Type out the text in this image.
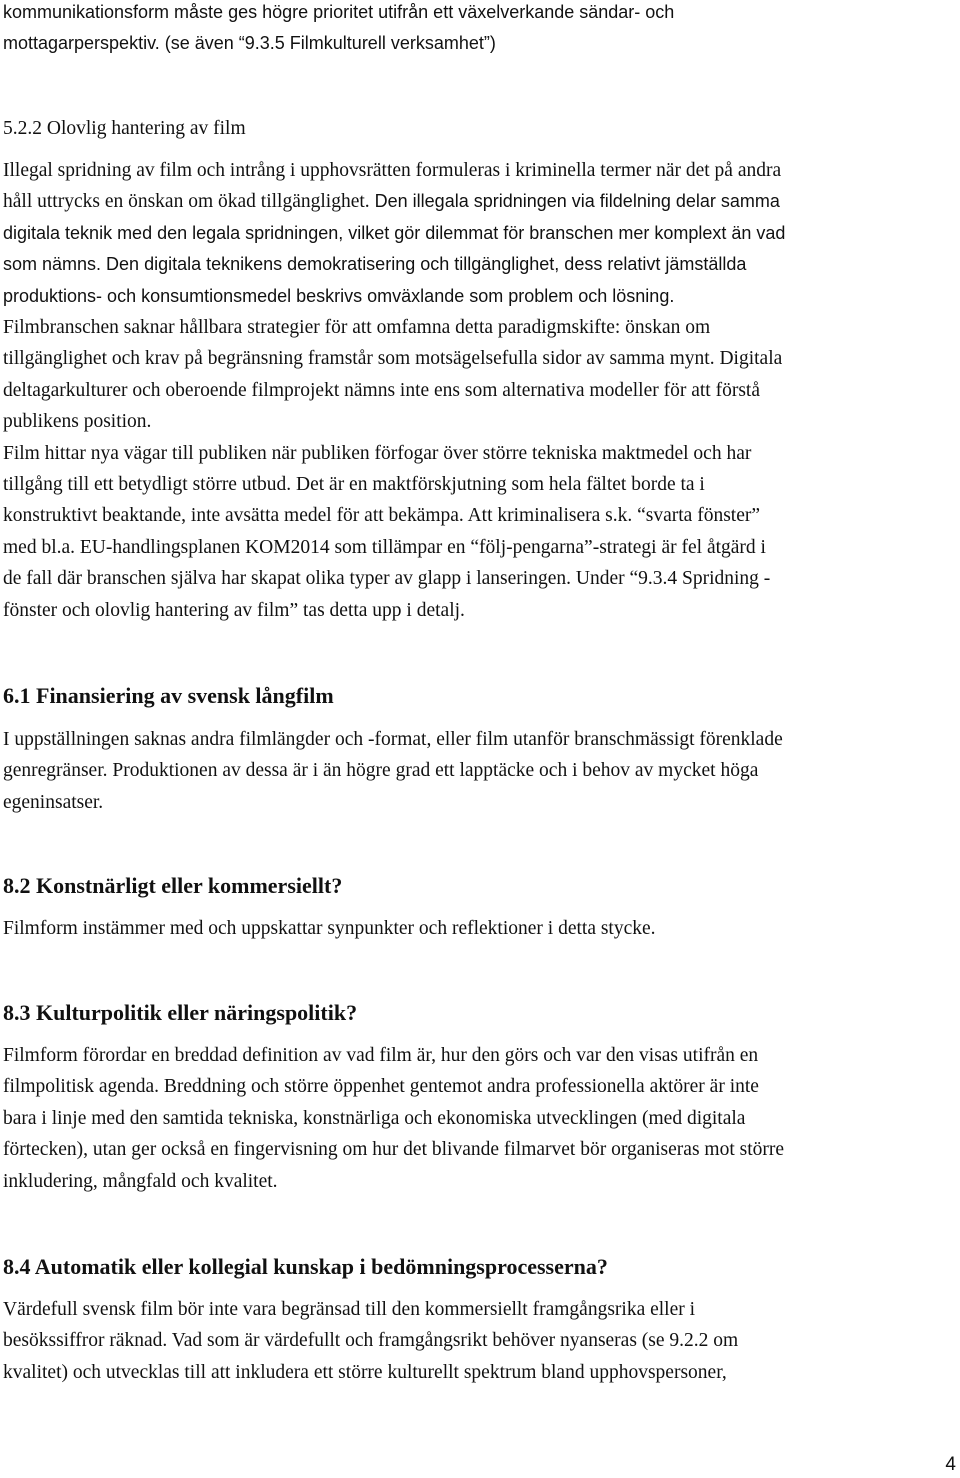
kommunikationsform måste ges högre prioritet utifrån ett växelverkande sändar- och
mottagarperspektiv. (se även “9.3.5 Filmkulturell verksamhet”)
5.2.2 Olovlig hantering av film
Illegal spridning av film och intrång i upphovsrätten formuleras i kriminella termer när det på andra
håll uttrycks en önskan om ökad tillgänglighet. Den illegala spridningen via fildelning delar samma
digitala teknik med den legala spridningen, vilket gör dilemmat för branschen mer komplext än vad
som nämns. Den digitala teknikens demokratisering och tillgänglighet, dess relativt jämställda
produktions- och konsumtionsmedel beskrivs omväxlande som problem och lösning.
Filmbranschen saknar hållbara strategier för att omfamna detta paradigmskifte: önskan om
tillgänglighet och krav på begränsning framstår som motsägelsefulla sidor av samma mynt. Digitala
deltagarkulturer och oberoende filmprojekt nämns inte ens som alternativa modeller för att förstå
publikens position.
Film hittar nya vägar till publiken när publiken förfogar över större tekniska maktmedel och har
tillgång till ett betydligt större utbud. Det är en maktförskjutning som hela fältet borde ta i
konstruktivt beaktande, inte avsätta medel för att bekämpa. Att kriminalisera s.k. “svarta fönster”
med bl.a. EU-handlingsplanen KOM2014 som tillämpar en “följ-pengarna”-strategi är fel åtgärd i
de fall där branschen själva har skapat olika typer av glapp i lanseringen. Under “9.3.4 Spridning -
fönster och olovlig hantering av film” tas detta upp i detalj.
6.1 Finansiering av svensk långfilm
I uppställningen saknas andra filmlängder och -format, eller film utanför branschmässigt förenklade
genregränser. Produktionen av dessa är i än högre grad ett lapptäcke och i behov av mycket höga
egeninsatser.
8.2 Konstnärligt eller kommersiellt?
Filmform instämmer med och uppskattar synpunkter och reflektioner i detta stycke.
8.3 Kulturpolitik eller näringspolitik?
Filmform förordar en breddad definition av vad film är, hur den görs och var den visas utifrån en
filmpolitisk agenda. Breddning och större öppenhet gentemot andra professionella aktörer är inte
bara i linje med den samtida tekniska, konstnärliga och ekonomiska utvecklingen (med digitala
förtecken), utan ger också en fingervisning om hur det blivande filmarvet bör organiseras mot större
inkludering, mångfald och kvalitet.
8.4 Automatik eller kollegial kunskap i bedömningsprocesserna?
Värdefull svensk film bör inte vara begränsad till den kommersiellt framgångsrika eller i
besökssiffror räknad. Vad som är värdefullt och framgångsrikt behöver nyanseras (se 9.2.2 om
kvalitet) och utvecklas till att inkludera ett större kulturellt spektrum bland upphovspersoner,
4
